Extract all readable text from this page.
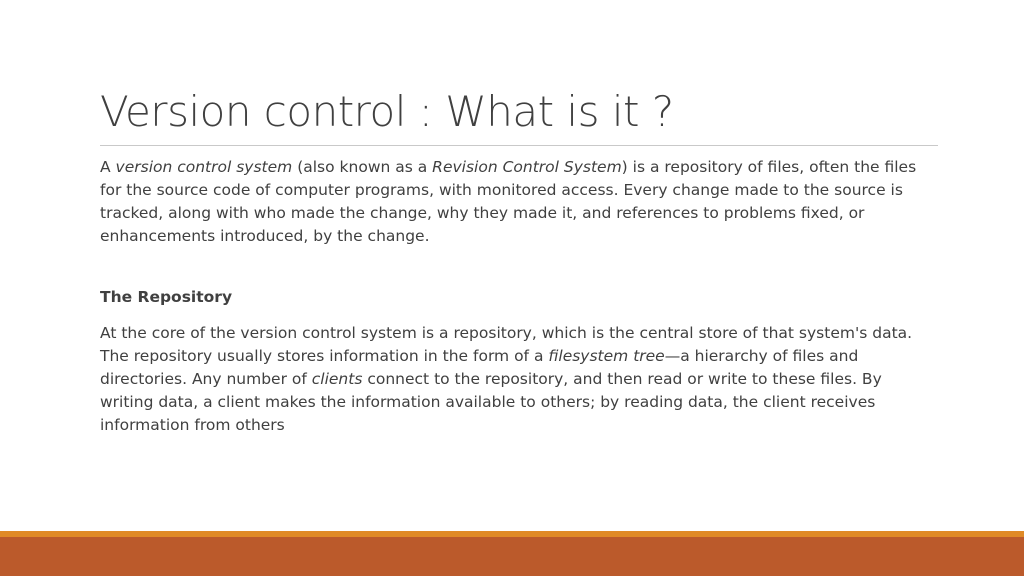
Version control : What is it ?

A version control system (also known as a Revision Control System) is a repository of files, often the files for the source code of computer programs, with monitored access. Every change made to the source is tracked, along with who made the change, why they made it, and references to problems fixed, or enhancements introduced, by the change.

The Repository

At the core of the version control system is a repository, which is the central store of that system's data. The repository usually stores information in the form of a filesystem tree—a hierarchy of files and directories. Any number of clients connect to the repository, and then read or write to these files. By writing data, a client makes the information available to others; by reading data, the client receives information from others
